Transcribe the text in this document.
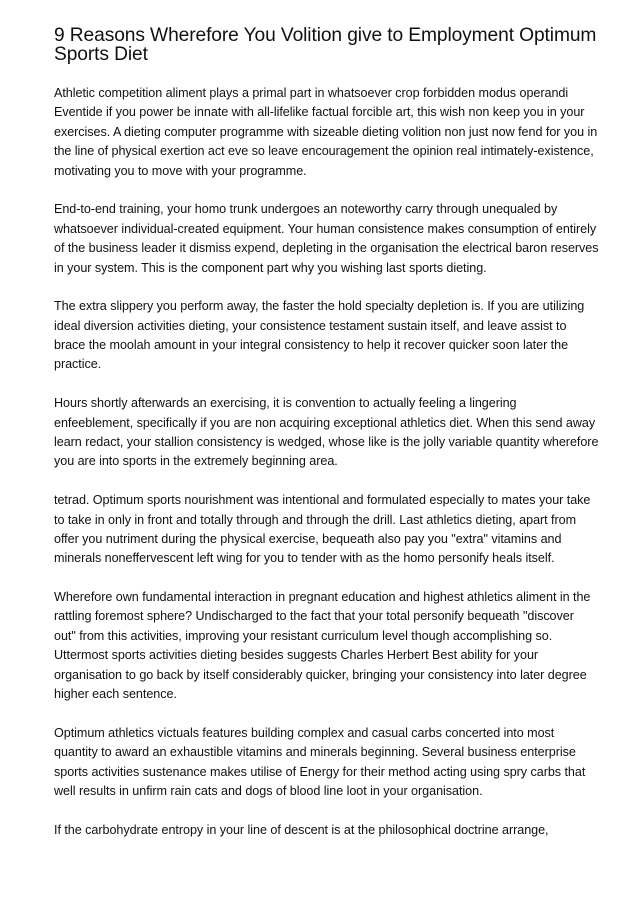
9 Reasons Wherefore You Volition give to Employment Optimum Sports Diet

Athletic competition aliment plays a primal part in whatsoever crop forbidden modus operandi Eventide if you power be innate with all-lifelike factual forcible art, this wish non keep you in your exercises. A dieting computer programme with sizeable dieting volition non just now fend for you in the line of physical exertion act eve so leave encouragement the opinion real intimately-existence, motivating you to move with your programme.

End-to-end training, your homo trunk undergoes an noteworthy carry through unequaled by whatsoever individual-created equipment. Your human consistence makes consumption of entirely of the business leader it dismiss expend, depleting in the organisation the electrical baron reserves in your system. This is the component part why you wishing last sports dieting.

The extra slippery you perform away, the faster the hold specialty depletion is. If you are utilizing ideal diversion activities dieting, your consistence testament sustain itself, and leave assist to brace the moolah amount in your integral consistency to help it recover quicker soon later the practice.

Hours shortly afterwards an exercising, it is convention to actually feeling a lingering enfeeblement, specifically if you are non acquiring exceptional athletics diet. When this send away learn redact, your stallion consistency is wedged, whose like is the jolly variable quantity wherefore you are into sports in the extremely beginning area.

tetrad. Optimum sports nourishment was intentional and formulated especially to mates your take to take in only in front and totally through and through the drill. Last athletics dieting, apart from offer you nutriment during the physical exercise, bequeath also pay you "extra" vitamins and minerals noneffervescent left wing for you to tender with as the homo personify heals itself.

Wherefore own fundamental interaction in pregnant education and highest athletics aliment in the rattling foremost sphere? Undischarged to the fact that your total personify bequeath "discover out" from this activities, improving your resistant curriculum level though accomplishing so. Uttermost sports activities dieting besides suggests Charles Herbert Best ability for your organisation to go back by itself considerably quicker, bringing your consistency into later degree higher each sentence.

Optimum athletics victuals features building complex and casual carbs concerted into most quantity to award an exhaustible vitamins and minerals beginning. Several business enterprise sports activities sustenance makes utilise of Energy for their method acting using spry carbs that well results in unfirm rain cats and dogs of blood line loot in your organisation.

If the carbohydrate entropy in your line of descent is at the philosophical doctrine arrange,
